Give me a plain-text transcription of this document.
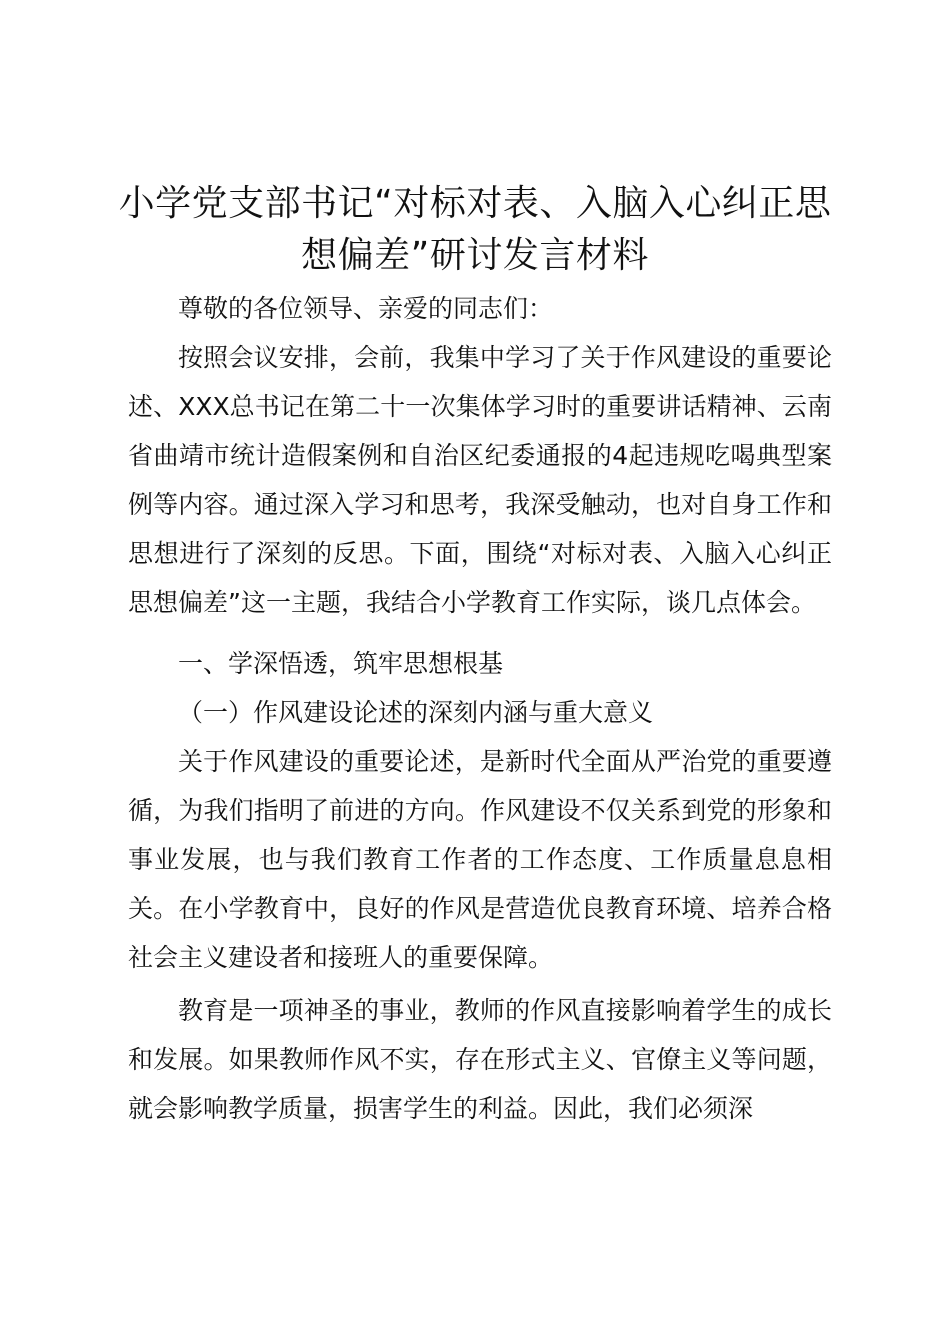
小学党支部书记“对标对表、入脑入心纠正思想偏差”研讨发言材料

尊敬的各位领导、亲爱的同志们：

按照会议安排，会前，我集中学习了关于作风建设的重要论述、XXX总书记在第二十一次集体学习时的重要讲话精神、云南省曲靖市统计造假案例和自治区纪委通报的4起违规吃喝典型案例等内容。通过深入学习和思考，我深受触动，也对自身工作和思想进行了深刻的反思。下面，围绕“对标对表、入脑入心纠正思想偏差”这一主题，我结合小学教育工作实际，谈几点体会。

一、学深悟透，筑牢思想根基

（一）作风建设论述的深刻内涵与重大意义

关于作风建设的重要论述，是新时代全面从严治党的重要遵循，为我们指明了前进的方向。作风建设不仅关系到党的形象和事业发展，也与我们教育工作者的工作态度、工作质量息息相关。在小学教育中，良好的作风是营造优良教育环境、培养合格社会主义建设者和接班人的重要保障。

教育是一项神圣的事业，教师的作风直接影响着学生的成长和发展。如果教师作风不实，存在形式主义、官僚主义等问题，就会影响教学质量，损害学生的利益。因此，我们必须深
